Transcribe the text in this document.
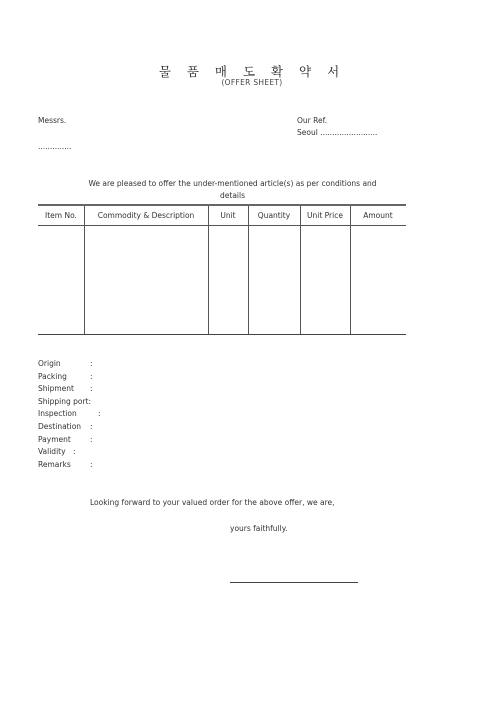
물 품 매 도 확 약 서
(OFFER SHEET)
Messrs.
..............
Our Ref.
Seoul ........................
We are pleased to offer the under-mentioned article(s) as per conditions and
details
Item No.	Commodity & Description	Unit	Quantity	Unit Price	Amount
Origin	:
Packing	:
Shipment :
Shipping port:
Inspection	:
Destination :
Payment	:
Validity :
Remarks	:
Looking forward to your valued order for the above offer, we are,
yours faithfully.
